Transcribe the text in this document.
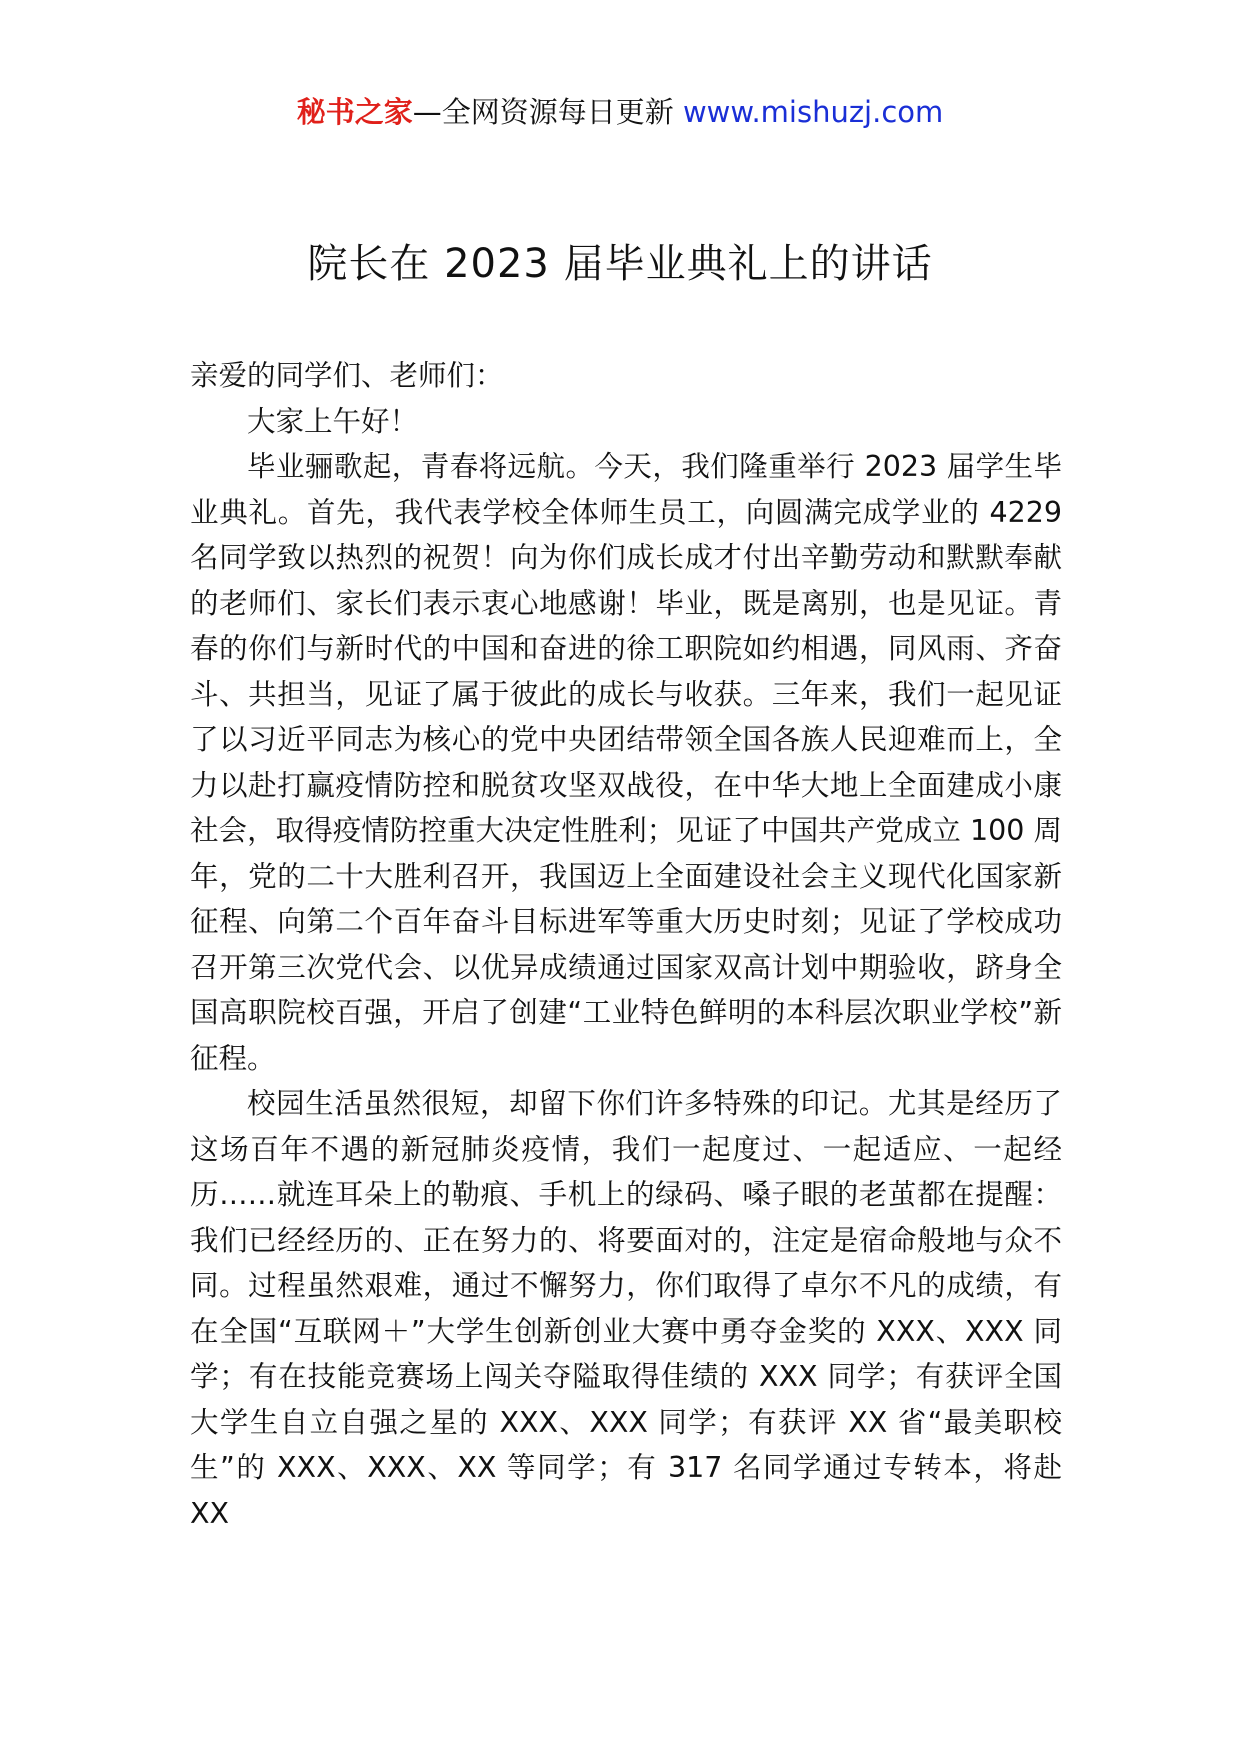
秘书之家—全网资源每日更新 www.mishuzj.com
院长在 2023 届毕业典礼上的讲话

亲爱的同学们、老师们：

大家上午好！

毕业骊歌起，青春将远航。今天，我们隆重举行 2023 届学生毕业典礼。首先，我代表学校全体师生员工，向圆满完成学业的 4229 名同学致以热烈的祝贺！向为你们成长成才付出辛勤劳动和默默奉献的老师们、家长们表示衷心地感谢！毕业，既是离别，也是见证。青春的你们与新时代的中国和奋进的徐工职院如约相遇，同风雨、齐奋斗、共担当，见证了属于彼此的成长与收获。三年来，我们一起见证了以习近平同志为核心的党中央团结带领全国各族人民迎难而上，全力以赴打赢疫情防控和脱贫攻坚双战役，在中华大地上全面建成小康社会，取得疫情防控重大决定性胜利；见证了中国共产党成立 100 周年，党的二十大胜利召开，我国迈上全面建设社会主义现代化国家新征程、向第二个百年奋斗目标进军等重大历史时刻；见证了学校成功召开第三次党代会、以优异成绩通过国家双高计划中期验收，跻身全国高职院校百强，开启了创建“工业特色鲜明的本科层次职业学校”新征程。

校园生活虽然很短，却留下你们许多特殊的印记。尤其是经历了这场百年不遇的新冠肺炎疫情，我们一起度过、一起适应、一起经历……就连耳朵上的勒痕、手机上的绿码、嗓子眼的老茧都在提醒：我们已经经历的、正在努力的、将要面对的，注定是宿命般地与众不同。过程虽然艰难，通过不懈努力，你们取得了卓尔不凡的成绩，有在全国“互联网＋”大学生创新创业大赛中勇夺金奖的 XXX、XXX 同学；有在技能竞赛场上闯关夺隘取得佳绩的 XXX 同学；有获评全国大学生自立自强之星的 XXX、XXX 同学；有获评 XX 省“最美职校生”的 XXX、XXX、XX 等同学；有 317 名同学通过专转本，将赴 XX
